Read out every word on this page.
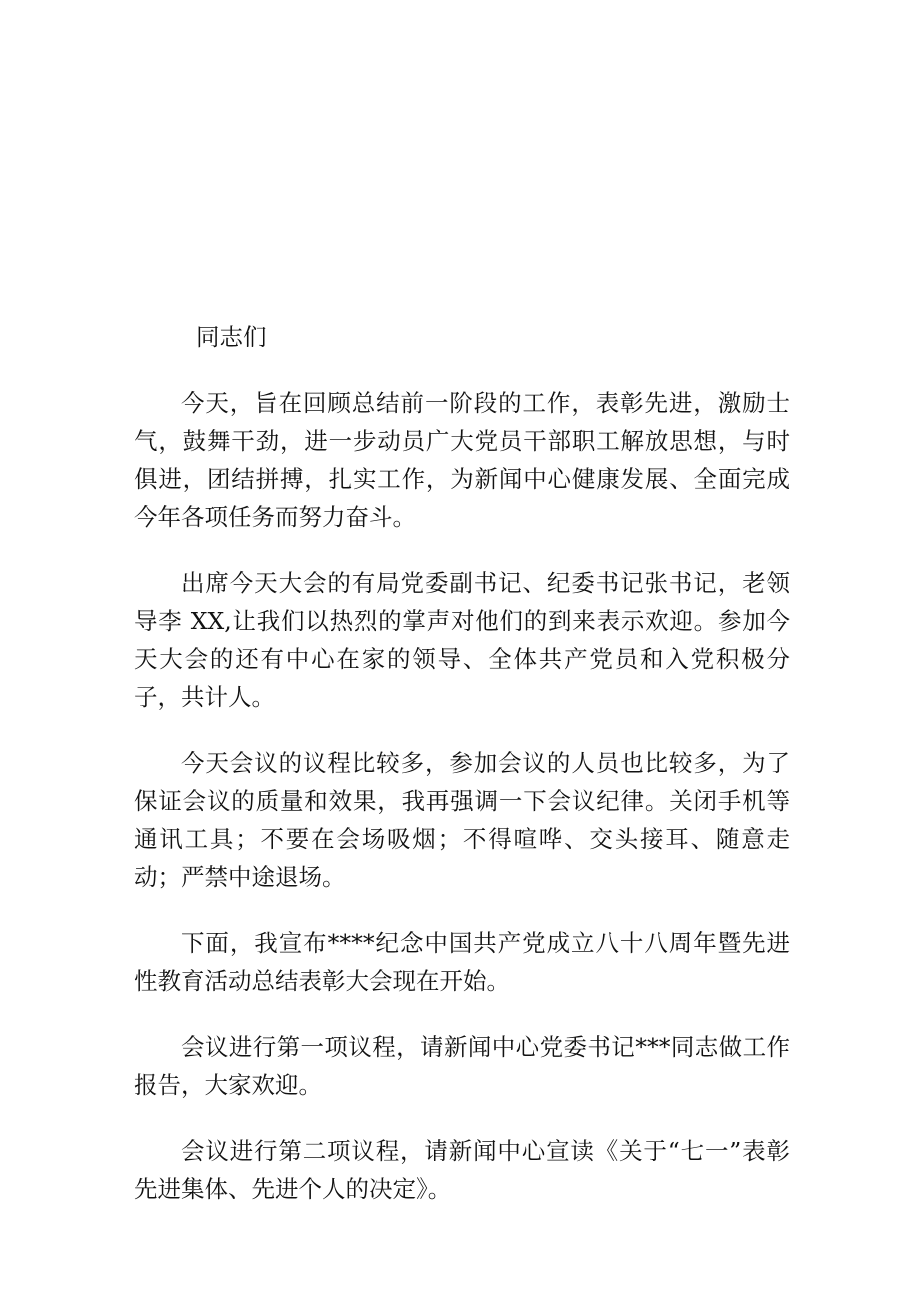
同志们

今天，旨在回顾总结前一阶段的工作，表彰先进，激励士气，鼓舞干劲，进一步动员广大党员干部职工解放思想，与时俱进，团结拼搏，扎实工作，为新闻中心健康发展、全面完成今年各项任务而努力奋斗。

出席今天大会的有局党委副书记、纪委书记张书记，老领导李 XX,让我们以热烈的掌声对他们的到来表示欢迎。参加今天大会的还有中心在家的领导、全体共产党员和入党积极分子，共计人。

今天会议的议程比较多，参加会议的人员也比较多，为了保证会议的质量和效果，我再强调一下会议纪律。关闭手机等通讯工具；不要在会场吸烟；不得喧哗、交头接耳、随意走动；严禁中途退场。

下面，我宣布****纪念中国共产党成立八十八周年暨先进性教育活动总结表彰大会现在开始。

会议进行第一项议程，请新闻中心党委书记***同志做工作报告，大家欢迎。

会议进行第二项议程，请新闻中心宣读《关于“七一”表彰先进集体、先进个人的决定》。
